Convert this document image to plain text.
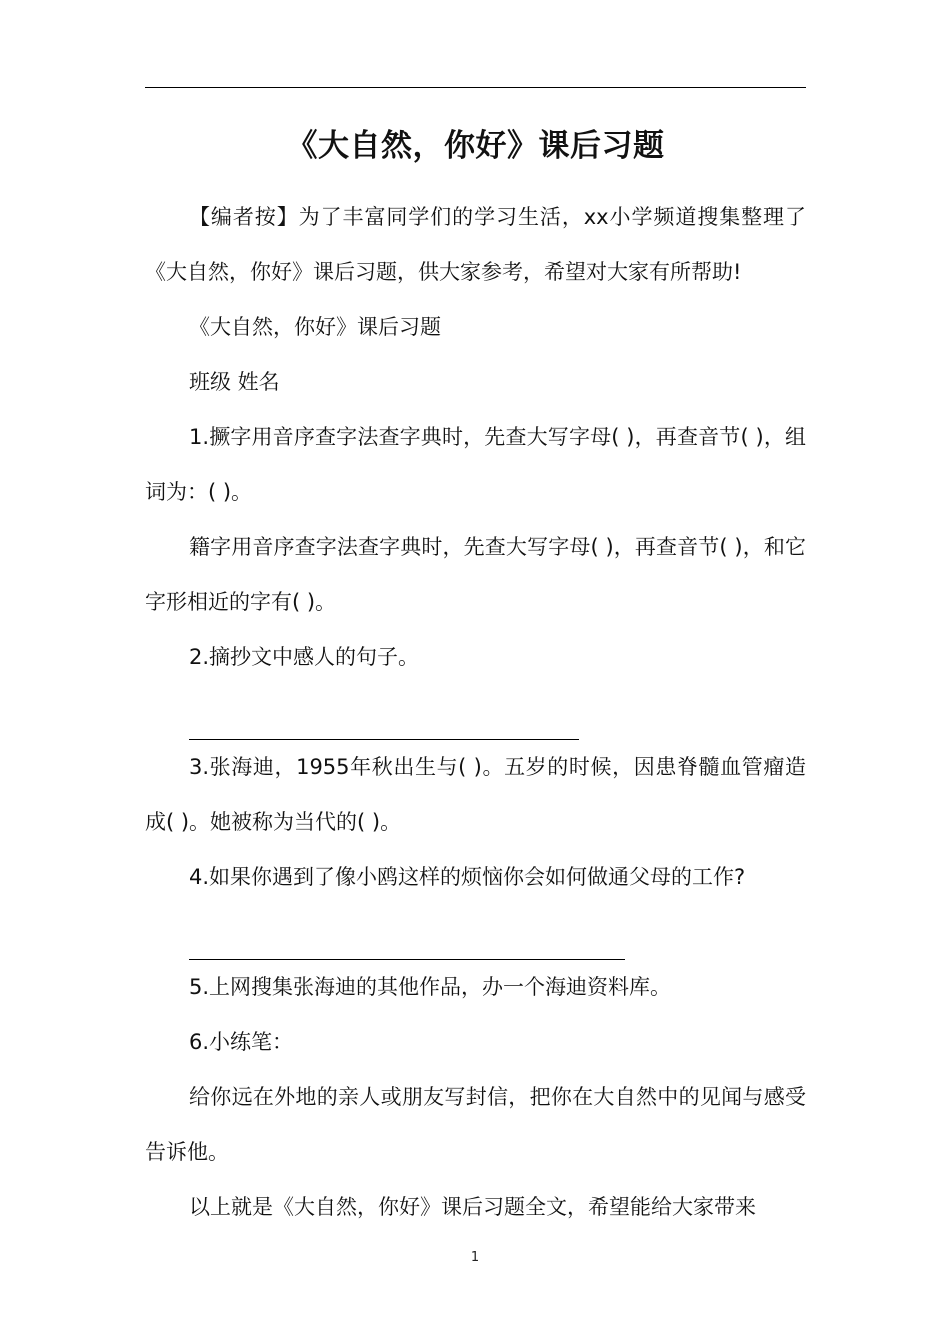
《大自然，你好》课后习题

【编者按】为了丰富同学们的学习生活，xx小学频道搜集整理了《大自然，你好》课后习题，供大家参考，希望对大家有所帮助!

《大自然，你好》课后习题

班级 姓名

1.撅字用音序查字法查字典时，先查大写字母( )，再查音节( )，组词为：( )。

籍字用音序查字法查字典时，先查大写字母( )，再查音节( )，和它字形相近的字有( )。

2.摘抄文中感人的句子。

3.张海迪，1955年秋出生与( )。五岁的时候，因患脊髓血管瘤造成( )。她被称为当代的( )。

4.如果你遇到了像小鸥这样的烦恼你会如何做通父母的工作?

5.上网搜集张海迪的其他作品，办一个海迪资料库。

6.小练笔：

给你远在外地的亲人或朋友写封信，把你在大自然中的见闻与感受告诉他。

以上就是《大自然，你好》课后习题全文，希望能给大家带来

1
